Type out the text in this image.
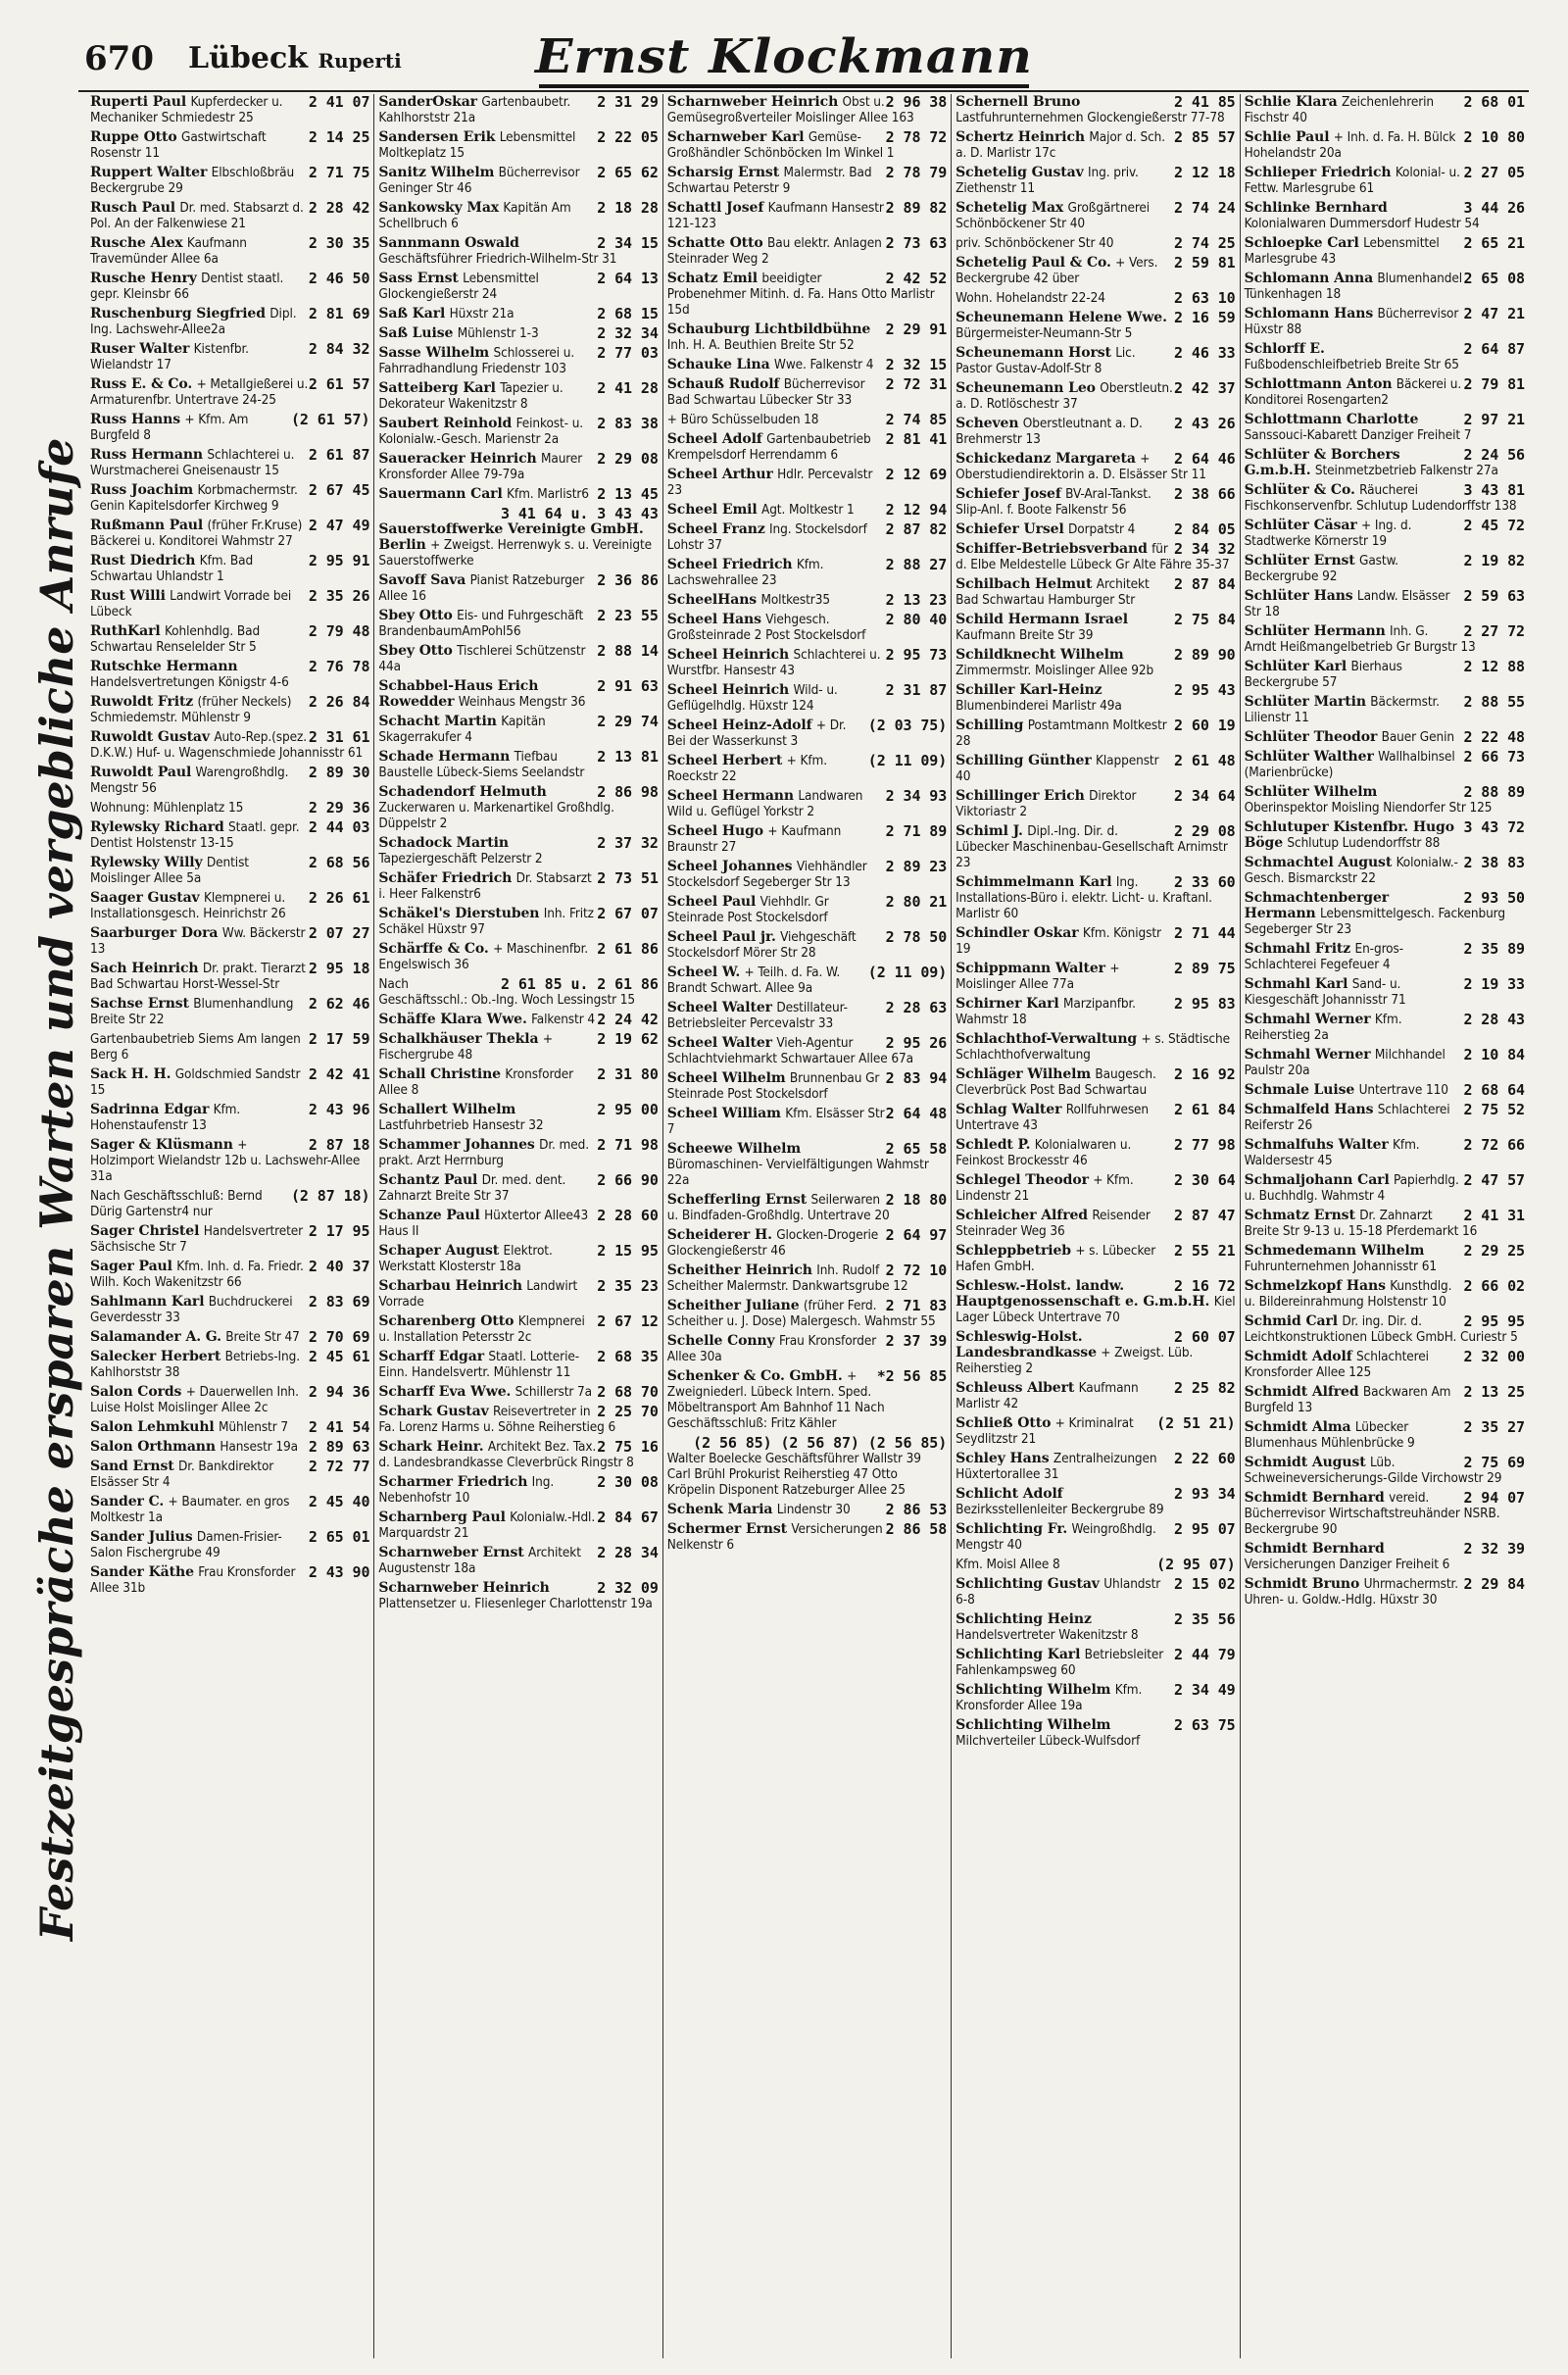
670 Lübeck Ruperti	Ernst Klockmann
Festzeitgespräche ersparen Warten und vergebliche Anrufe
2 41 07
Ruperti Paul Kupferdecker u. Mechaniker Schmiedestr 25
2 14 25
Ruppe Otto Gastwirtschaft Rosenstr 11
2 71 75
Ruppert Walter Elbschloßbräu Beckergrube 29
2 28 42
Rusch Paul Dr. med. Stabsarzt d. Pol. An der Falkenwiese 21
2 30 35
Rusche Alex Kaufmann Travemünder Allee 6a
2 46 50
Rusche Henry Dentist staatl. gepr. Kleinsbr 66
2 81 69
Ruschenburg Siegfried Dipl. Ing. Lachswehr-Allee2a
2 84 32
Ruser Walter Kistenfbr. Wielandstr 17
2 61 57
Russ E. & Co. + Metallgießerei u. Armaturenfbr. Untertrave 24-25
(2 61 57)
Russ Hanns + Kfm. Am Burgfeld 8
2 61 87
Russ Hermann Schlachterei u. Wurstmacherei Gneisenaustr 15
2 67 45
Russ Joachim Korbmachermstr. Genin Kapitelsdorfer Kirchweg 9
2 47 49
Rußmann Paul (früher Fr.Kruse) Bäckerei u. Konditorei Wahmstr 27
2 95 91
Rust Diedrich Kfm. Bad Schwartau Uhlandstr 1
2 35 26
Rust Willi Landwirt Vorrade bei Lübeck
2 79 48
RuthKarl Kohlenhdlg. Bad Schwartau Renselelder Str 5
2 76 78
Rutschke Hermann Handelsvertretungen Königstr 4-6
2 26 84
Ruwoldt Fritz (früher Neckels) Schmiedemstr. Mühlenstr 9
2 31 61
Ruwoldt Gustav Auto-Rep.(spez. D.K.W.) Huf- u. Wagenschmiede Johannisstr 61
2 89 30
Ruwoldt Paul Warengroßhdlg. Mengstr 56
2 29 36
Wohnung: Mühlenplatz 15
2 44 03
Rylewsky Richard Staatl. gepr. Dentist Holstenstr 13-15
2 68 56
Rylewsky Willy Dentist Moislinger Allee 5a
2 26 61
Saager Gustav Klempnerei u. Installationsgesch. Heinrichstr 26
2 07 27
Saarburger Dora Ww. Bäckerstr 13
2 95 18
Sach Heinrich Dr. prakt. Tierarzt Bad Schwartau Horst-Wessel-Str
2 62 46
Sachse Ernst Blumenhandlung Breite Str 22
2 17 59
Gartenbaubetrieb Siems Am langen Berg 6
2 42 41
Sack H. H. Goldschmied Sandstr 15
2 43 96
Sadrinna Edgar Kfm. Hohenstaufenstr 13
2 87 18
Sager & Klüsmann + Holzimport Wielandstr 12b u. Lachswehr-Allee 31a
(2 87 18)
Nach Geschäftsschluß: Bernd Dürig Gartenstr4 nur
2 17 95
Sager Christel Handelsvertreter Sächsische Str 7
2 40 37
Sager Paul Kfm. Inh. d. Fa. Friedr. Wilh. Koch Wakenitzstr 66
2 83 69
Sahlmann Karl Buchdruckerei Geverdesstr 33
2 70 69
Salamander A. G. Breite Str 47
2 45 61
Salecker Herbert Betriebs-Ing. Kahlhorststr 38
2 94 36
Salon Cords + Dauerwellen Inh. Luise Holst Moislinger Allee 2c
2 41 54
Salon Lehmkuhl Mühlenstr 7
2 89 63
Salon Orthmann Hansestr 19a
2 72 77
Sand Ernst Dr. Bankdirektor Elsässer Str 4
2 45 40
Sander C. + Baumater. en gros Moltkestr 1a
2 65 01
Sander Julius Damen-Frisier-Salon Fischergrube 49
2 43 90
Sander Käthe Frau Kronsforder Allee 31b
2 31 29
SanderOskar Gartenbaubetr. Kahlhorststr 21a
2 22 05
Sandersen Erik Lebensmittel Moltkeplatz 15
2 65 62
Sanitz Wilhelm Bücherrevisor Geninger Str 46
2 18 28
Sankowsky Max Kapitän Am Schellbruch 6
2 34 15
Sannmann Oswald Geschäftsführer Friedrich-Wilhelm-Str 31
2 64 13
Sass Ernst Lebensmittel Glockengießerstr 24
2 68 15
Saß Karl Hüxstr 21a
2 32 34
Saß Luise Mühlenstr 1-3
2 77 03
Sasse Wilhelm Schlosserei u. Fahrradhandlung Friedenstr 103
2 41 28
Satteiberg Karl Tapezier u. Dekorateur Wakenitzstr 8
2 83 38
Saubert Reinhold Feinkost- u. Kolonialw.-Gesch. Marienstr 2a
2 29 08
Saueracker Heinrich Maurer Kronsforder Allee 79-79a
2 13 45
Sauermann Carl Kfm. Marlistr6
3 41 64 u. 3 43 43
Sauerstoffwerke Vereinigte GmbH. Berlin + Zweigst. Herrenwyk s. u. Vereinigte Sauerstoffwerke
2 36 86
Savoff Sava Pianist Ratzeburger Allee 16
2 23 55
Sbey Otto Eis- und Fuhrgeschäft BrandenbaumAmPohl56
2 88 14
Sbey Otto Tischlerei Schützenstr 44a
2 91 63
Schabbel-Haus Erich Rowedder Weinhaus Mengstr 36
2 29 74
Schacht Martin Kapitän Skagerrakufer 4
2 13 81
Schade Hermann Tiefbau Baustelle Lübeck-Siems Seelandstr
2 86 98
Schadendorf Helmuth Zuckerwaren u. Markenartikel Großhdlg. Düppelstr 2
2 37 32
Schadock Martin Tapeziergeschäft Pelzerstr 2
2 73 51
Schäfer Friedrich Dr. Stabsarzt i. Heer Falkenstr6
2 67 07
Schäkel's Dierstuben Inh. Fritz Schäkel Hüxstr 97
2 61 86
Schärffe & Co. + Maschinenfbr. Engelswisch 36
2 61 85 u. 2 61 86
Nach Geschäftsschl.: Ob.-Ing. Woch Lessingstr 15
2 24 42
Schäffe Klara Wwe. Falkenstr 4
2 19 62
Schalkhäuser Thekla + Fischergrube 48
2 31 80
Schall Christine Kronsforder Allee 8
2 95 00
Schallert Wilhelm Lastfuhrbetrieb Hansestr 32
2 71 98
Schammer Johannes Dr. med. prakt. Arzt Herrnburg
2 66 90
Schantz Paul Dr. med. dent. Zahnarzt Breite Str 37
2 28 60
Schanze Paul Hüxtertor Allee43 Haus II
2 15 95
Schaper August Elektrot. Werkstatt Klosterstr 18a
2 35 23
Scharbau Heinrich Landwirt Vorrade
2 67 12
Scharenberg Otto Klempnerei u. Installation Petersstr 2c
2 68 35
Scharff Edgar Staatl. Lotterie-Einn. Handelsvertr. Mühlenstr 11
2 68 70
Scharff Eva Wwe. Schillerstr 7a
2 25 70
Schark Gustav Reisevertreter in Fa. Lorenz Harms u. Söhne Reiherstieg 6
2 75 16
Schark Heinr. Architekt Bez. Tax. d. Landesbrandkasse Cleverbrück Ringstr 8
2 30 08
Scharmer Friedrich Ing. Nebenhofstr 10
2 84 67
Scharnberg Paul Kolonialw.-Hdl. Marquardstr 21
2 28 34
Scharnweber Ernst Architekt Augustenstr 18a
2 32 09
Scharnweber Heinrich Plattensetzer u. Fliesenleger Charlottenstr 19a
2 96 38
Scharnweber Heinrich Obst u. Gemüsegroßverteiler Moislinger Allee 163
2 78 72
Scharnweber Karl Gemüse-Großhändler Schönböcken Im Winkel 1
2 78 79
Scharsig Ernst Malermstr. Bad Schwartau Peterstr 9
2 89 82
Schattl Josef Kaufmann Hansestr 121-123
2 73 63
Schatte Otto Bau elektr. Anlagen Steinrader Weg 2
2 42 52
Schatz Emil beeidigter Probenehmer Mitinh. d. Fa. Hans Otto Marlistr 15d
2 29 91
Schauburg Lichtbildbühne Inh. H. A. Beuthien Breite Str 52
2 32 15
Schauke Lina Wwe. Falkenstr 4
2 72 31
Schauß Rudolf Bücherrevisor Bad Schwartau Lübecker Str 33
2 74 85
+ Büro Schüsselbuden 18
2 81 41
Scheel Adolf Gartenbaubetrieb Krempelsdorf Herrendamm 6
2 12 69
Scheel Arthur Hdlr. Percevalstr 23
2 12 94
Scheel Emil Agt. Moltkestr 1
2 87 82
Scheel Franz Ing. Stockelsdorf Lohstr 37
2 88 27
Scheel Friedrich Kfm. Lachswehrallee 23
2 13 23
ScheelHans Moltkestr35
2 80 40
Scheel Hans Viehgesch. Großsteinrade 2 Post Stockelsdorf
2 95 73
Scheel Heinrich Schlachterei u. Wurstfbr. Hansestr 43
2 31 87
Scheel Heinrich Wild- u. Geflügelhdlg. Hüxstr 124
(2 03 75)
Scheel Heinz-Adolf + Dr. Bei der Wasserkunst 3
(2 11 09)
Scheel Herbert + Kfm. Roeckstr 22
2 34 93
Scheel Hermann Landwaren Wild u. Geflügel Yorkstr 2
2 71 89
Scheel Hugo + Kaufmann Braunstr 27
2 89 23
Scheel Johannes Viehhändler Stockelsdorf Segeberger Str 13
2 80 21
Scheel Paul Viehhdlr. Gr Steinrade Post Stockelsdorf
2 78 50
Scheel Paul jr. Viehgeschäft Stockelsdorf Mörer Str 28
(2 11 09)
Scheel W. + Teilh. d. Fa. W. Brandt Schwart. Allee 9a
2 28 63
Scheel Walter Destillateur- Betriebsleiter Percevalstr 33
2 95 26
Scheel Walter Vieh-Agentur Schlachtviehmarkt Schwartauer Allee 67a
2 83 94
Scheel Wilhelm Brunnenbau Gr Steinrade Post Stockelsdorf
2 64 48
Scheel William Kfm. Elsässer Str 7
2 65 58
Scheewe Wilhelm Büromaschinen- Vervielfältigungen Wahmstr 22a
2 18 80
Schefferling Ernst Seilerwaren u. Bindfaden-Großhdlg. Untertrave 20
2 64 97
Scheiderer H. Glocken-Drogerie Glockengießerstr 46
2 72 10
Scheither Heinrich Inh. Rudolf Scheither Malermstr. Dankwartsgrube 12
2 71 83
Scheither Juliane (früher Ferd. Scheither u. J. Dose) Malergesch. Wahmstr 55
2 37 39
Schelle Conny Frau Kronsforder Allee 30a
*2 56 85
Schenker & Co. GmbH. + Zweigniederl. Lübeck Intern. Sped. Möbeltransport Am Bahnhof 11 Nach Geschäftsschluß: Fritz Kähler
(2 56 85) (2 56 87) (2 56 85)
Walter Boelecke Geschäftsführer Wallstr 39 Carl Brühl Prokurist Reiherstieg 47 Otto Kröpelin Disponent Ratzeburger Allee 25
2 86 53
Schenk Maria Lindenstr 30
2 86 58
Schermer Ernst Versicherungen Nelkenstr 6
2 41 85
Schernell Bruno Lastfuhrunternehmen Glockengießerstr 77-78
2 85 57
Schertz Heinrich Major d. Sch. a. D. Marlistr 17c
2 12 18
Schetelig Gustav Ing. priv. Ziethenstr 11
2 74 24
Schetelig Max Großgärtnerei Schönböckener Str 40
2 74 25
priv. Schönböckener Str 40
2 59 81
Schetelig Paul & Co. + Vers. Beckergrube 42 über
2 63 10
Wohn. Hohelandstr 22-24
2 16 59
Scheunemann Helene Wwe. Bürgermeister-Neumann-Str 5
2 46 33
Scheunemann Horst Lic. Pastor Gustav-Adolf-Str 8
2 42 37
Scheunemann Leo Oberstleutn. a. D. Rotlöschestr 37
2 43 26
Scheven Oberstleutnant a. D. Brehmerstr 13
2 64 46
Schickedanz Margareta + Oberstudiendirektorin a. D. Elsässer Str 11
2 38 66
Schiefer Josef BV-Aral-Tankst. Slip-Anl. f. Boote Falkenstr 56
2 84 05
Schiefer Ursel Dorpatstr 4
2 34 32
Schiffer-Betriebsverband für d. Elbe Meldestelle Lübeck Gr Alte Fähre 35-37
2 87 84
Schilbach Helmut Architekt Bad Schwartau Hamburger Str
2 75 84
Schild Hermann Israel Kaufmann Breite Str 39
2 89 90
Schildknecht Wilhelm Zimmermstr. Moislinger Allee 92b
2 95 43
Schiller Karl-Heinz Blumenbinderei Marlistr 49a
2 60 19
Schilling Postamtmann Moltkestr 28
2 61 48
Schilling Günther Klappenstr 40
2 34 64
Schillinger Erich Direktor Viktoriastr 2
2 29 08
Schiml J. Dipl.-Ing. Dir. d. Lübecker Maschinenbau-Gesellschaft Arnimstr 23
2 33 60
Schimmelmann Karl Ing. Installations-Büro i. elektr. Licht- u. Kraftanl. Marlistr 60
2 71 44
Schindler Oskar Kfm. Königstr 19
2 89 75
Schippmann Walter + Moislinger Allee 77a
2 95 83
Schirner Karl Marzipanfbr. Wahmstr 18
Schlachthof-Verwaltung + s. Städtische Schlachthofverwaltung
2 16 92
Schläger Wilhelm Baugesch. Cleverbrück Post Bad Schwartau
2 61 84
Schlag Walter Rollfuhrwesen Untertrave 43
2 77 98
Schledt P. Kolonialwaren u. Feinkost Brockesstr 46
2 30 64
Schlegel Theodor + Kfm. Lindenstr 21
2 87 47
Schleicher Alfred Reisender Steinrader Weg 36
2 55 21
Schleppbetrieb + s. Lübecker Hafen GmbH.
2 16 72
Schlesw.-Holst. landw. Hauptgenossenschaft e. G.m.b.H. Kiel Lager Lübeck Untertrave 70
2 60 07
Schleswig-Holst. Landesbrandkasse + Zweigst. Lüb. Reiherstieg 2
2 25 82
Schleuss Albert Kaufmann Marlistr 42
(2 51 21)
Schließ Otto + Kriminalrat Seydlitzstr 21
2 22 60
Schley Hans Zentralheizungen Hüxtertorallee 31
2 93 34
Schlicht Adolf Bezirksstellenleiter Beckergrube 89
2 95 07
Schlichting Fr. Weingroßhdlg. Mengstr 40
(2 95 07)
Kfm. Moisl Allee 8
2 15 02
Schlichting Gustav Uhlandstr 6-8
2 35 56
Schlichting Heinz Handelsvertreter Wakenitzstr 8
2 44 79
Schlichting Karl Betriebsleiter Fahlenkampsweg 60
2 34 49
Schlichting Wilhelm Kfm. Kronsforder Allee 19a
2 63 75
Schlichting Wilhelm Milchverteiler Lübeck-Wulfsdorf
2 68 01
Schlie Klara Zeichenlehrerin Fischstr 40
2 10 80
Schlie Paul + Inh. d. Fa. H. Bülck Hohelandstr 20a
2 27 05
Schlieper Friedrich Kolonial- u. Fettw. Marlesgrube 61
3 44 26
Schlinke Bernhard Kolonialwaren Dummersdorf Hudestr 54
2 65 21
Schloepke Carl Lebensmittel Marlesgrube 43
2 65 08
Schlomann Anna Blumenhandel Tünkenhagen 18
2 47 21
Schlomann Hans Bücherrevisor Hüxstr 88
2 64 87
Schlorff E. Fußbodenschleifbetrieb Breite Str 65
2 79 81
Schlottmann Anton Bäckerei u. Konditorei Rosengarten2
2 97 21
Schlottmann Charlotte Sanssouci-Kabarett Danziger Freiheit 7
2 24 56
Schlüter & Borchers G.m.b.H. Steinmetzbetrieb Falkenstr 27a
3 43 81
Schlüter & Co. Räucherei Fischkonservenfbr. Schlutup Ludendorffstr 138
2 45 72
Schlüter Cäsar + Ing. d. Stadtwerke Körnerstr 19
2 19 82
Schlüter Ernst Gastw. Beckergrube 92
2 59 63
Schlüter Hans Landw. Elsässer Str 18
2 27 72
Schlüter Hermann Inh. G. Arndt Heißmangelbetrieb Gr Burgstr 13
2 12 88
Schlüter Karl Bierhaus Beckergrube 57
2 88 55
Schlüter Martin Bäckermstr. Lilienstr 11
2 22 48
Schlüter Theodor Bauer Genin
2 66 73
Schlüter Walther Wallhalbinsel (Marienbrücke)
2 88 89
Schlüter Wilhelm Oberinspektor Moisling Niendorfer Str 125
3 43 72
Schlutuper Kistenfbr. Hugo Böge Schlutup Ludendorffstr 88
2 38 83
Schmachtel August Kolonialw.-Gesch. Bismarckstr 22
2 93 50
Schmachtenberger Hermann Lebensmittelgesch. Fackenburg Segeberger Str 23
2 35 89
Schmahl Fritz En-gros-Schlachterei Fegefeuer 4
2 19 33
Schmahl Karl Sand- u. Kiesgeschäft Johannisstr 71
2 28 43
Schmahl Werner Kfm. Reiherstieg 2a
2 10 84
Schmahl Werner Milchhandel Paulstr 20a
2 68 64
Schmale Luise Untertrave 110
2 75 52
Schmalfeld Hans Schlachterei Reiferstr 26
2 72 66
Schmalfuhs Walter Kfm. Waldersestr 45
2 47 57
Schmaljohann Carl Papierhdlg. u. Buchhdlg. Wahmstr 4
2 41 31
Schmatz Ernst Dr. Zahnarzt Breite Str 9-13 u. 15-18 Pferdemarkt 16
2 29 25
Schmedemann Wilhelm Fuhrunternehmen Johannisstr 61
2 66 02
Schmelzkopf Hans Kunsthdlg. u. Bildereinrahmung Holstenstr 10
2 95 95
Schmid Carl Dr. ing. Dir. d. Leichtkonstruktionen Lübeck GmbH. Curiestr 5
2 32 00
Schmidt Adolf Schlachterei Kronsforder Allee 125
2 13 25
Schmidt Alfred Backwaren Am Burgfeld 13
2 35 27
Schmidt Alma Lübecker Blumenhaus Mühlenbrücke 9
2 75 69
Schmidt August Lüb. Schweineversicherungs-Gilde Virchowstr 29
2 94 07
Schmidt Bernhard vereid. Bücherrevisor Wirtschaftstreuhänder NSRB. Beckergrube 90
2 32 39
Schmidt Bernhard Versicherungen Danziger Freiheit 6
2 29 84
Schmidt Bruno Uhrmachermstr. Uhren- u. Goldw.-Hdlg. Hüxstr 30
